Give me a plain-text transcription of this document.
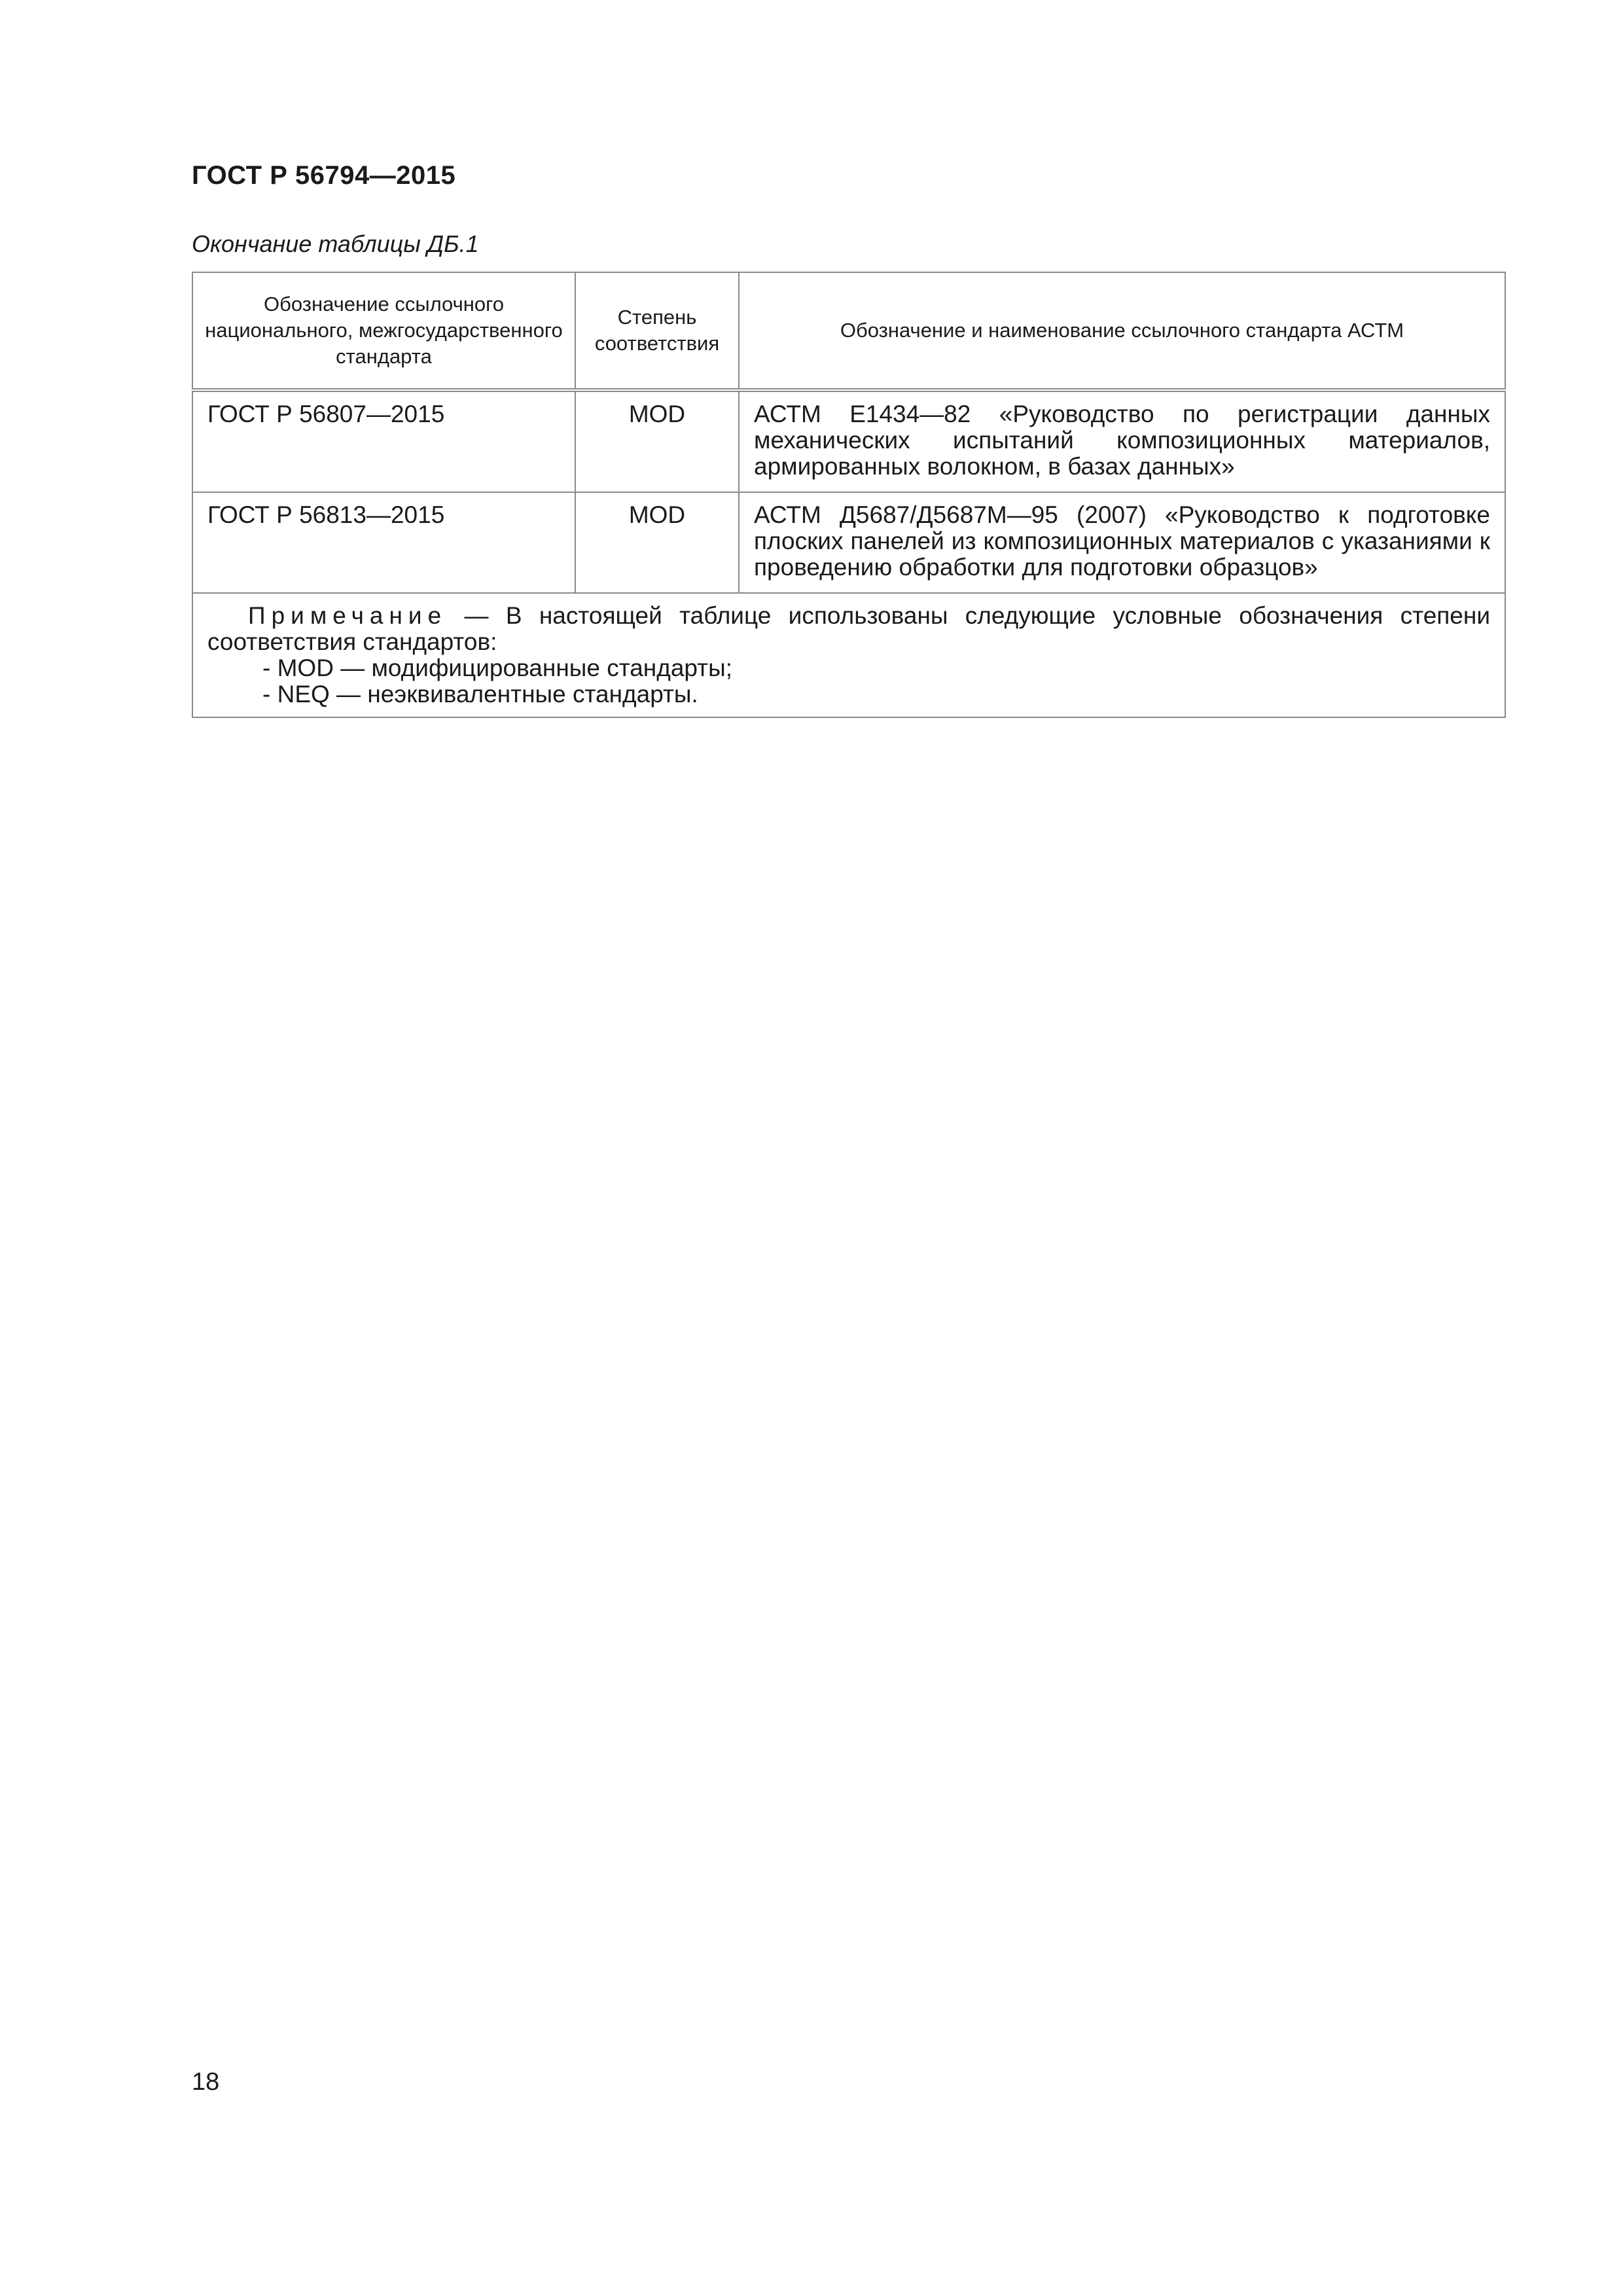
ГОСТ Р 56794—2015
Окончание таблицы ДБ.1
Обозначение ссылочного национального, межгосударственного стандарта	Степень соответствия	Обозначение и наименование ссылочного стандарта АСТМ
ГОСТ Р 56807—2015	MOD	АСТМ Е1434—82 «Руководство по регистрации данных механических испытаний композиционных материалов, армированных волокном, в базах данных»
ГОСТ Р 56813—2015	MOD	АСТМ Д5687/Д5687М—95 (2007) «Руководство к подготовке плоских панелей из композиционных материалов с указаниями к проведению обработки для подготовки образцов»

Примечание — В настоящей таблице использованы следующие условные обозначения степени соответствия стандартов:
- MOD — модифицированные стандарты;
- NEQ — неэквивалентные стандарты.		
18
